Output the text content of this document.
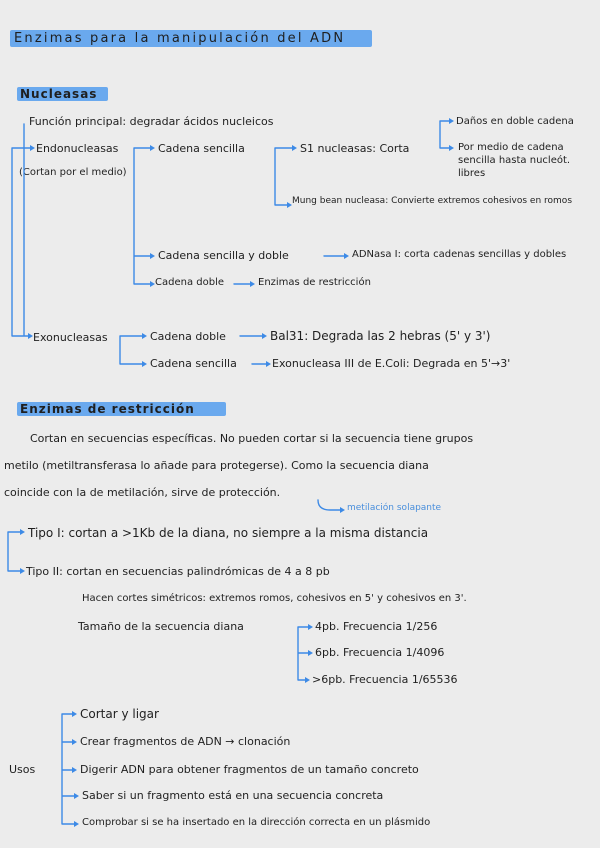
Enzimas para la manipulación del ADN
Nucleasas
Función principal: degradar ácidos nucleicos
Endonucleasas
(Cortan por el medio)
Cadena sencilla	S1 nucleasas: Corta
Daños en doble cadena
Por medio de cadena
sencilla hasta nucleót.
libres
Mung bean nucleasa: Convierte extremos cohesivos en romos
Cadena sencilla y doble	ADNasa I: corta cadenas sencillas y dobles
Cadena doble	Enzimas de restricción
Exonucleasas	Cadena doble	Bal31: Degrada las 2 hebras (5' y 3')
Cadena sencilla	Exonucleasa III de E.Coli: Degrada en 5'→3'
Enzimas de restricción
Cortan en secuencias específicas. No pueden cortar si la secuencia tiene grupos
metilo (metiltransferasa lo añade para protegerse). Como la secuencia diana
coincide con la de metilación, sirve de protección.
metilación solapante
Tipo I: cortan a >1Kb de la diana, no siempre a la misma distancia
Tipo II: cortan en secuencias palindrómicas de 4 a 8 pb
Hacen cortes simétricos: extremos romos, cohesivos en 5' y cohesivos en 3'.
Tamaño de la secuencia diana	4pb. Frecuencia 1/256
6pb. Frecuencia 1/4096
>6pb. Frecuencia 1/65536
Usos
Cortar y ligar
Crear fragmentos de ADN → clonación
Digerir ADN para obtener fragmentos de un tamaño concreto
Saber si un fragmento está en una secuencia concreta
Comprobar si se ha insertado en la dirección correcta en un plásmido
